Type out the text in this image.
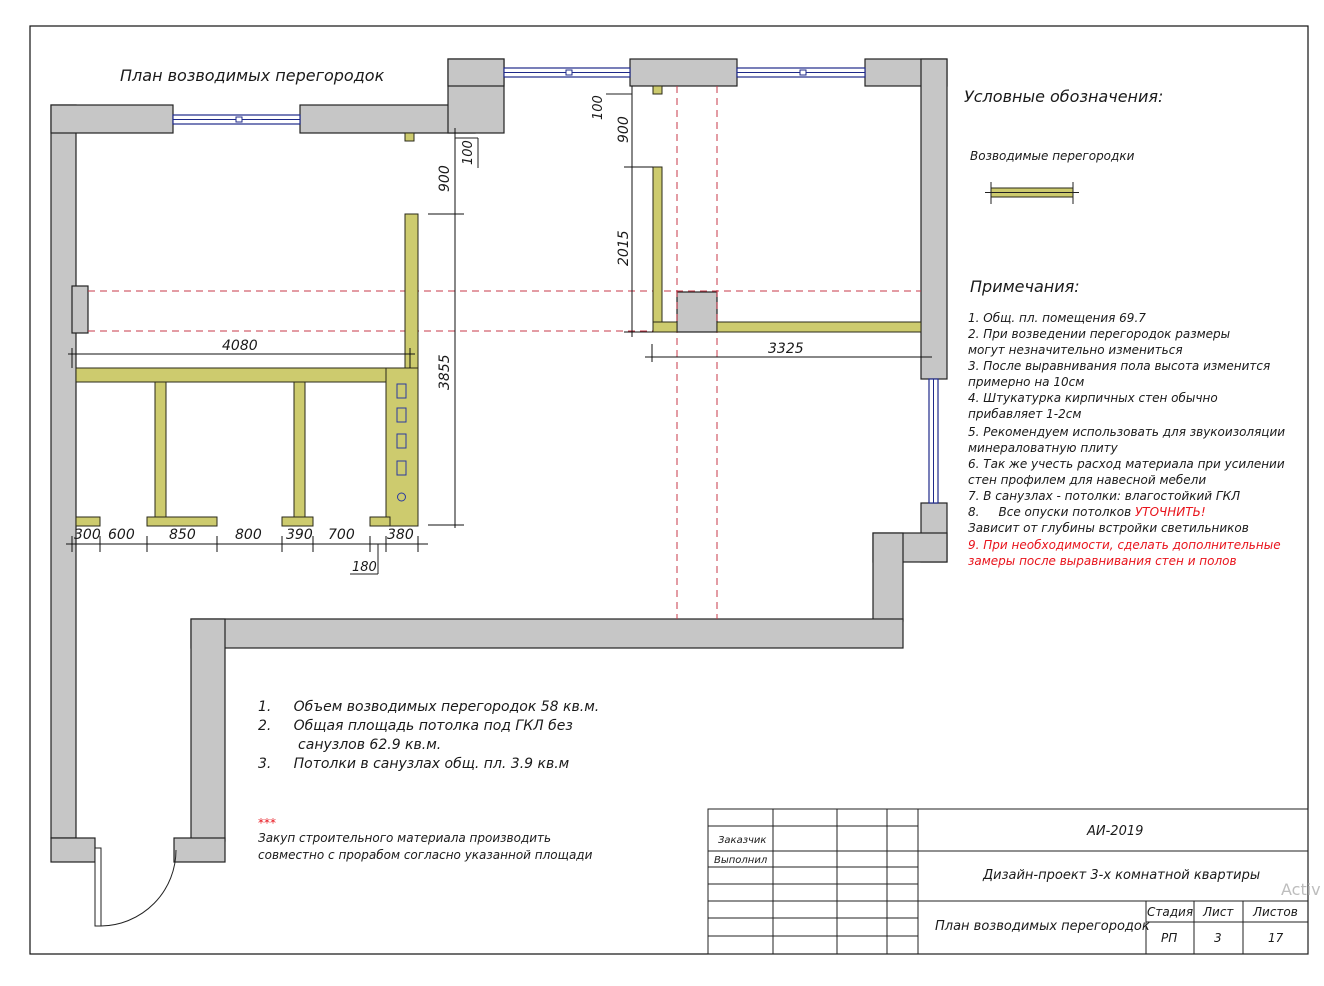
План возводимых перегородок
4080	3325
3855
900
100
2015
900
100
300 600 850	800 390 700 380
180
Условные обозначения:
Возводимые перегородки
Примечания:
1. Общ. пл. помещения 69.7
2. При возведении перегородок размеры
могут незначительно измениться
3. После выравнивания пола высота изменится
примерно на 10см
4. Штукатурка кирпичных стен обычно
прибавляет 1-2см
5. Рекомендуем использовать для звукоизоляции
минераловатную плиту
6. Так же учесть расход материала при усилении
стен профилем для навесной мебели
7. В санузлах - потолки: влагостойкий ГКЛ
8.     Все опуски потолков УТОЧНИТЬ!
Зависит от глубины встройки светильников
9. При необходимости, сделать дополнительные
замеры после выравнивания стен и полов
1.     Объем возводимых перегородок 58 кв.м.
2.     Общая площадь потолка под ГКЛ без
санузлов 62.9 кв.м.
3.     Потолки в санузлах общ. пл. 3.9 кв.м
***
Закуп строительного материала производить
совместно с прорабом согласно указанной площади
Заказчик
Выполнил
АИ-2019
Дизайн-проект 3-х комнатной квартиры
План возводимых перегородок
Стадия Лист Листов
РП	3	17
Activ
